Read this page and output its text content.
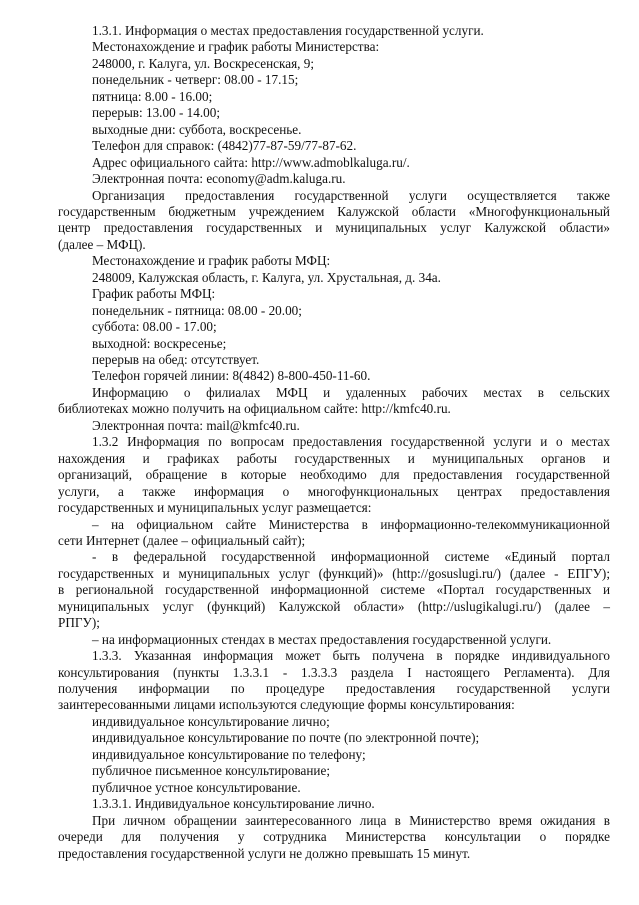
1.3.1. Информация о местах предоставления государственной услуги.
Местонахождение и график работы Министерства:
248000, г. Калуга, ул. Воскресенская, 9;
понедельник - четверг: 08.00 - 17.15;
пятница: 8.00 - 16.00;
перерыв: 13.00 - 14.00;
выходные дни: суббота, воскресенье.
Телефон для справок: (4842)77-87-59/77-87-62.
Адрес официального сайта: http://www.admoblkaluga.ru/.
Электронная почта: economy@adm.kaluga.ru.
Организация предоставления государственной услуги осуществляется также
государственным бюджетным учреждением Калужской области «Многофункциональный
центр предоставления государственных и муниципальных услуг Калужской области»
(далее – МФЦ).
Местонахождение и график работы МФЦ:
248009, Калужская область, г. Калуга, ул. Хрустальная, д. 34а.
График работы МФЦ:
понедельник - пятница: 08.00 - 20.00;
суббота: 08.00 - 17.00;
выходной: воскресенье;
перерыв на обед: отсутствует.
Телефон горячей линии: 8(4842) 8-800-450-11-60.
Информацию о филиалах МФЦ и удаленных рабочих местах в сельских
библиотеках можно получить на официальном сайте: http://kmfc40.ru.
Электронная почта: mail@kmfc40.ru.
1.3.2 Информация по вопросам предоставления государственной услуги и о местах
нахождения и графиках работы государственных и муниципальных органов и
организаций, обращение в которые необходимо для предоставления государственной
услуги, а также информация о многофункциональных центрах предоставления
государственных и муниципальных услуг размещается:
– на официальном сайте Министерства в информационно-телекоммуникационной
сети Интернет (далее – официальный сайт);
- в федеральной государственной информационной системе «Единый портал
государственных и муниципальных услуг (функций)» (http://gosuslugi.ru/) (далее - ЕПГУ);
в региональной государственной информационной системе «Портал государственных и
муниципальных услуг (функций) Калужской области» (http://uslugikalugi.ru/) (далее –
РПГУ);
– на информационных стендах в местах предоставления государственной услуги.
1.3.3. Указанная информация может быть получена в порядке индивидуального
консультирования (пункты 1.3.3.1 - 1.3.3.3 раздела I настоящего Регламента). Для
получения информации по процедуре предоставления государственной услуги
заинтересованными лицами используются следующие формы консультирования:
индивидуальное консультирование лично;
индивидуальное консультирование по почте (по электронной почте);
индивидуальное консультирование по телефону;
публичное письменное консультирование;
публичное устное консультирование.
1.3.3.1. Индивидуальное консультирование лично.
При личном обращении заинтересованного лица в Министерство время ожидания в
очереди для получения у сотрудника Министерства консультации о порядке
предоставления государственной услуги не должно превышать 15 минут.
